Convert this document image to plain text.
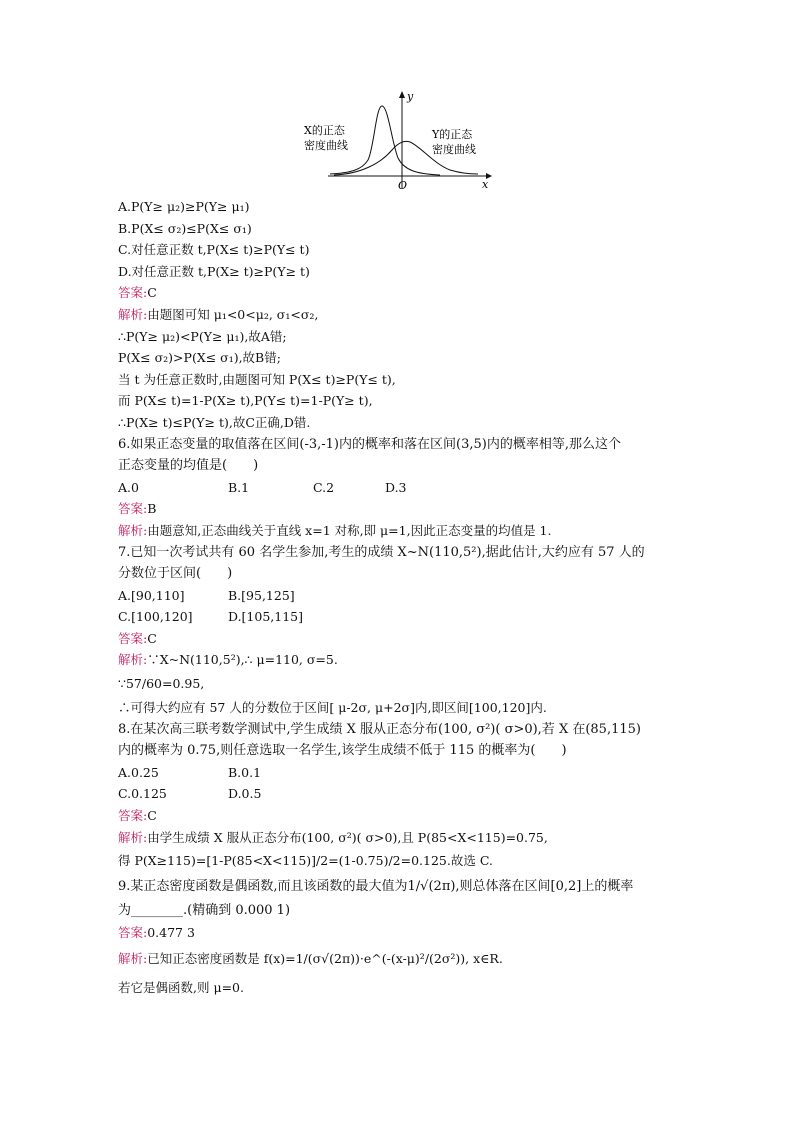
X的正态
密度曲线
Y的正态
密度曲线
y
x
O
A.P(Y≥ μ₂)≥P(Y≥ μ₁)
B.P(X≤ σ₂)≤P(X≤ σ₁)
C.对任意正数 t,P(X≤ t)≥P(Y≤ t)
D.对任意正数 t,P(X≥ t)≥P(Y≥ t)
答案:C
解析:由题图可知 μ₁<0<μ₂, σ₁<σ₂,
∴P(Y≥ μ₂)<P(Y≥ μ₁),故A错;
P(X≤ σ₂)>P(X≤ σ₁),故B错;
当 t 为任意正数时,由题图可知 P(X≤ t)≥P(Y≤ t),
而 P(X≤ t)=1-P(X≥ t),P(Y≤ t)=1-P(Y≥ t),
∴P(X≥ t)≤P(Y≥ t),故C正确,D错.
6.如果正态变量的取值落在区间(-3,-1)内的概率和落在区间(3,5)内的概率相等,那么这个
正态变量的均值是(　　)
A.0	B.1	C.2	D.3
答案:B
解析:由题意知,正态曲线关于直线 x=1 对称,即 μ=1,因此正态变量的均值是 1.
7.已知一次考试共有 60 名学生参加,考生的成绩 X~N(110,5²),据此估计,大约应有 57 人的
分数位于区间(　　)
A.[90,110]	B.[95,125]
C.[100,120]	D.[105,115]
答案:C
解析:∵X~N(110,5²),∴ μ=110, σ=5.
∵57/60=0.95,
∴可得大约应有 57 人的分数位于区间[ μ-2σ, μ+2σ]内,即区间[100,120]内.
8.在某次高三联考数学测试中,学生成绩 X 服从正态分布(100, σ²)( σ>0),若 X 在(85,115)
内的概率为 0.75,则任意选取一名学生,该学生成绩不低于 115 的概率为(　　)
A.0.25	B.0.1
C.0.125	D.0.5
答案:C
解析:由学生成绩 X 服从正态分布(100, σ²)( σ>0),且 P(85<X<115)=0.75,
得 P(X≥115)=[1-P(85<X<115)]/2=(1-0.75)/2=0.125.故选 C.
9.某正态密度函数是偶函数,而且该函数的最大值为1/√(2π),则总体落在区间[0,2]上的概率
为________.(精确到 0.000 1)
答案:0.477 3
解析:已知正态密度函数是 f(x)=1/(σ√(2π))·e^(-(x-μ)²/(2σ²)), x∈R.
若它是偶函数,则 μ=0.
